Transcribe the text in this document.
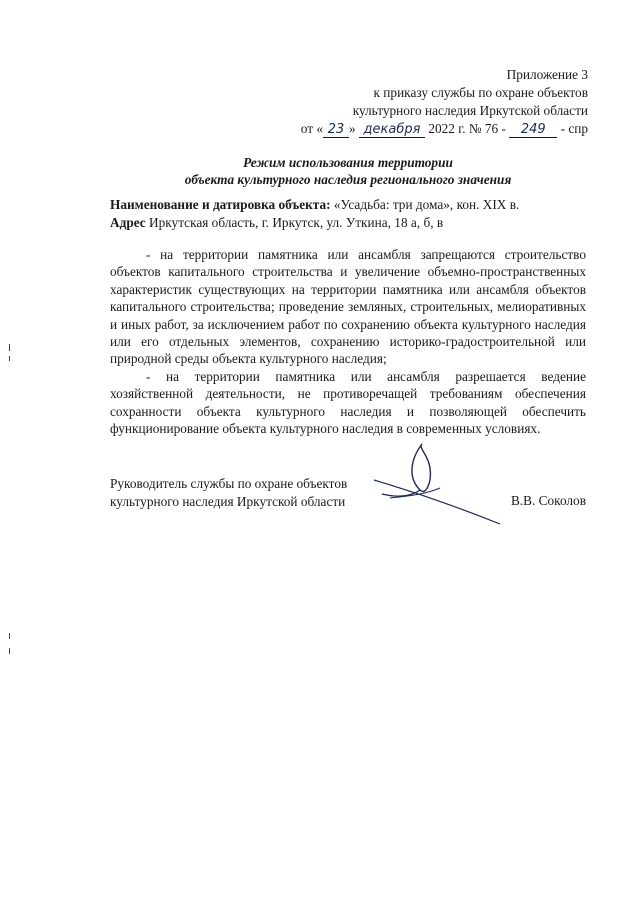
Приложение 3
к приказу службы по охране объектов
культурного наследия Иркутской области
от « 23 » декабря 2022 г. № 76 - 249 - спр
Режим использования территории
объекта культурного наследия регионального значения
Наименование и датировка объекта: «Усадьба: три дома», кон. XIX в.
Адрес Иркутская область, г. Иркутск, ул. Уткина, 18 а, б, в

- на территории памятника или ансамбля запрещаются строительство объектов капитального строительства и увеличение объемно-пространственных характеристик существующих на территории памятника или ансамбля объектов капитального строительства; проведение земляных, строительных, мелиоративных и иных работ, за исключением работ по сохранению объекта культурного наследия или его отдельных элементов, сохранению историко-градостроительной или природной среды объекта культурного наследия;

- на территории памятника или ансамбля разрешается ведение хозяйственной деятельности, не противоречащей требованиям обеспечения сохранности объекта культурного наследия и позволяющей обеспечить функционирование объекта культурного наследия в современных условиях.

Руководитель службы по охране объектов
культурного наследия Иркутской области	В.В. Соколов
